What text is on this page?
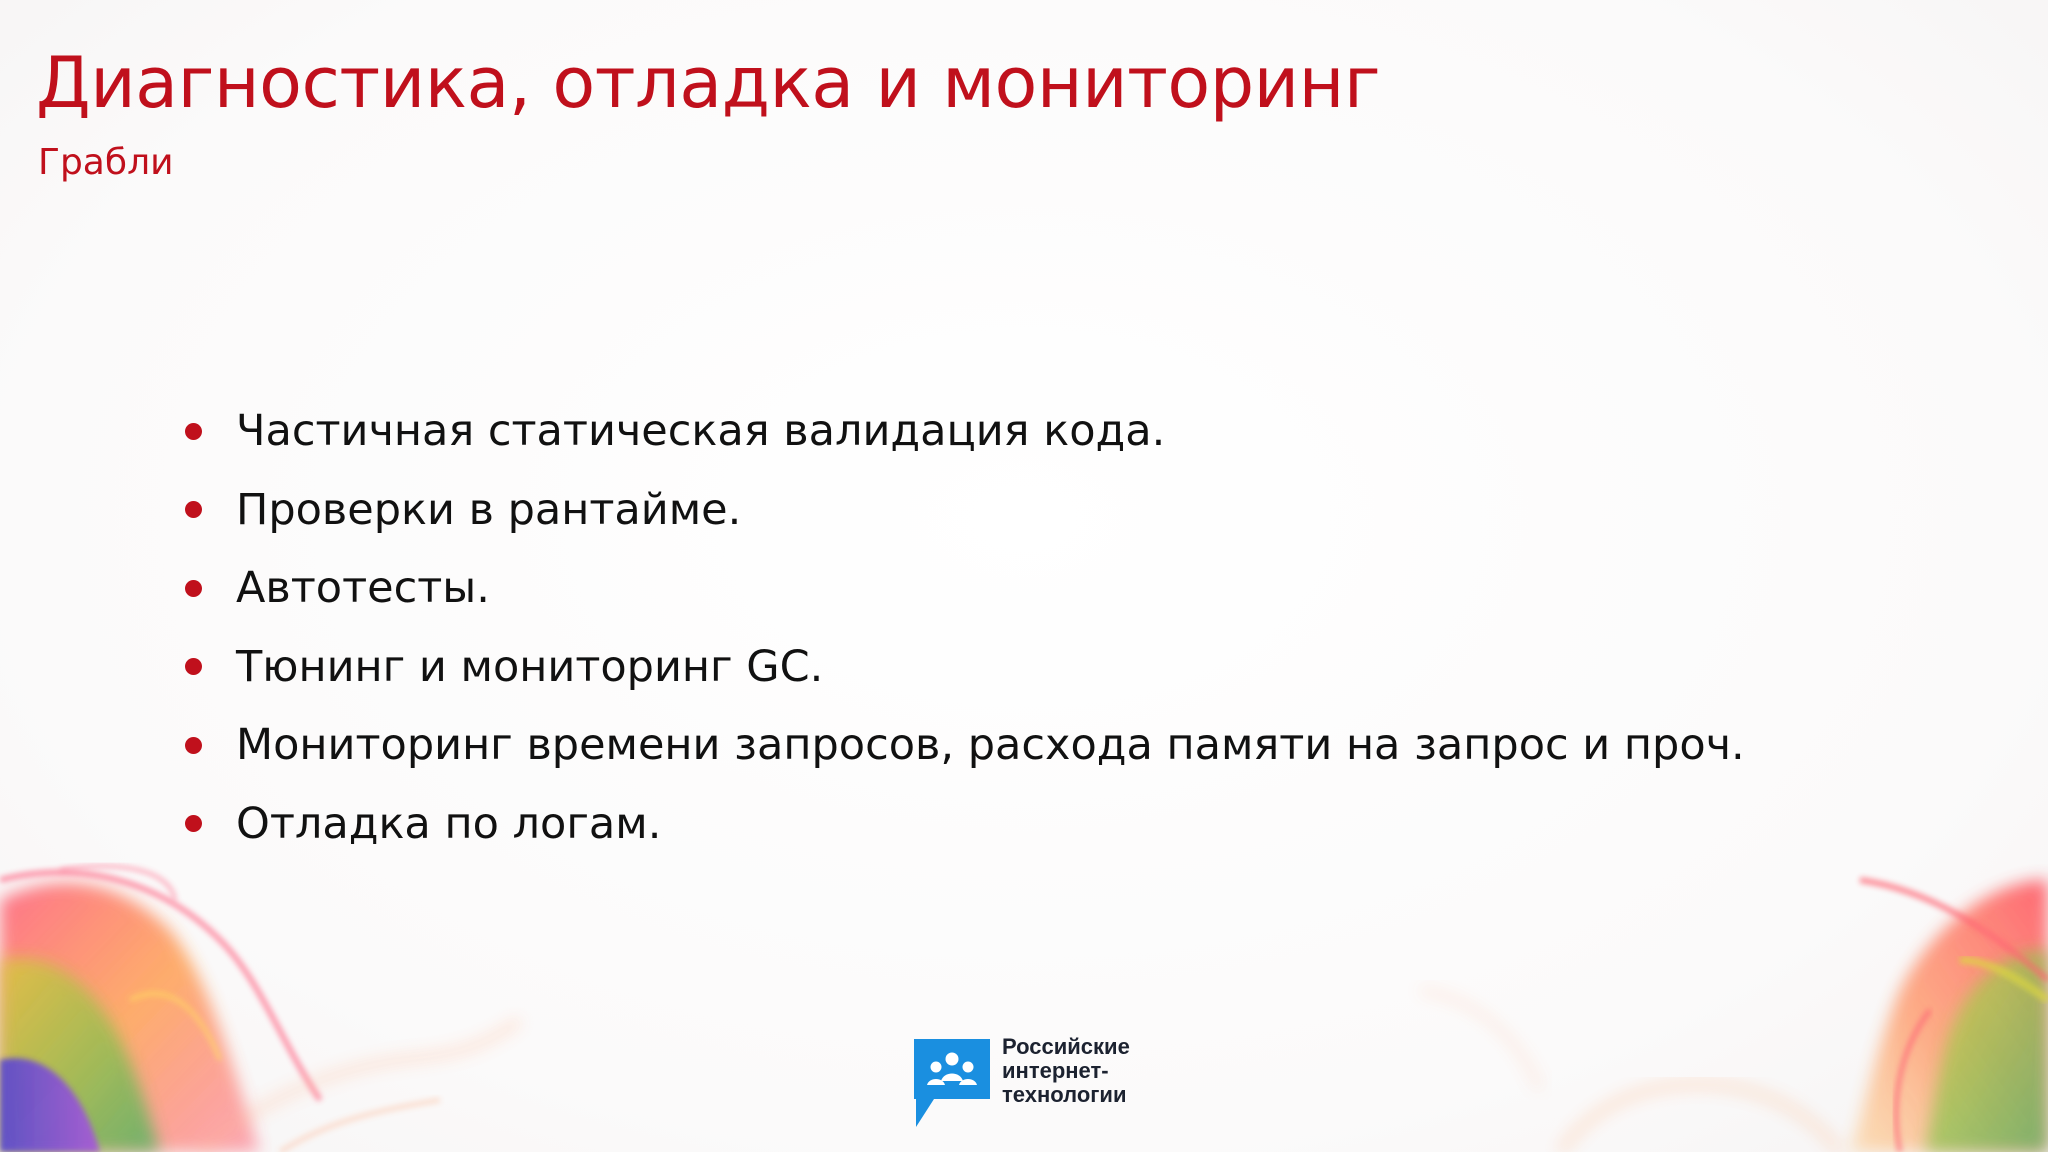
Диагностика, отладка и мониторинг
Грабли
Частичная статическая валидация кода.
Проверки в рантайме.
Автотесты.
Тюнинг и мониторинг GC.
Мониторинг времени запросов, расхода памяти на запрос и проч.
Отладка по логам.
Российские
интернет-
технологии
